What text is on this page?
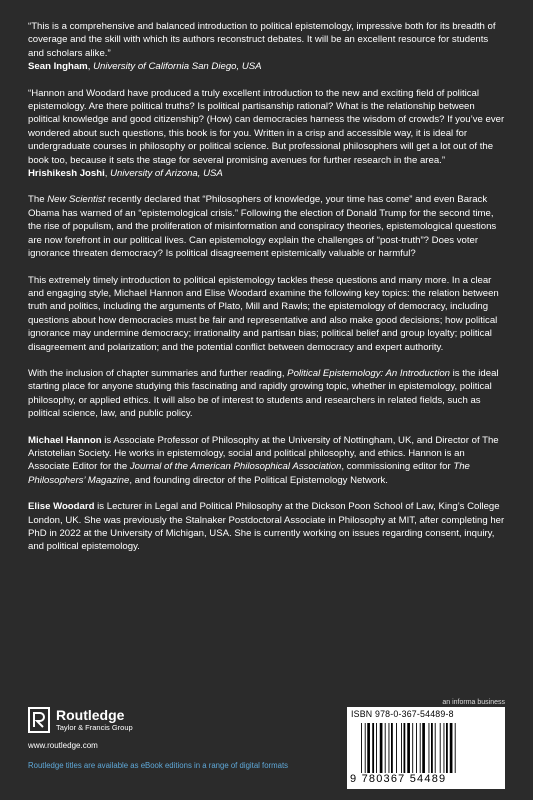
“This is a comprehensive and balanced introduction to political epistemology, impressive both for its breadth of coverage and the skill with which its authors reconstruct debates. It will be an excellent resource for students and scholars alike.”

Sean Ingham, University of California San Diego, USA

“Hannon and Woodard have produced a truly excellent introduction to the new and exciting field of political epistemology. Are there political truths? Is political partisanship rational? What is the relationship between political knowledge and good citizenship? (How) can democracies harness the wisdom of crowds? If you’ve ever wondered about such questions, this book is for you. Written in a crisp and accessible way, it is ideal for undergraduate courses in philosophy or political science. But professional philosophers will get a lot out of the book too, because it sets the stage for several promising avenues for further research in the area.”

Hrishikesh Joshi, University of Arizona, USA

The New Scientist recently declared that “Philosophers of knowledge, your time has come” and even Barack Obama has warned of an “epistemological crisis.” Following the election of Donald Trump for the second time, the rise of populism, and the proliferation of misinformation and conspiracy theories, epistemological questions are now forefront in our political lives. Can epistemology explain the challenges of “post-truth”? Does voter ignorance threaten democracy? Is political disagreement epistemically valuable or harmful?

This extremely timely introduction to political epistemology tackles these questions and many more. In a clear and engaging style, Michael Hannon and Elise Woodard examine the following key topics: the relation between truth and politics, including the arguments of Plato, Mill and Rawls; the epistemology of democracy, including questions about how democracies must be fair and representative and also make good decisions; how political ignorance may undermine democracy; irrationality and partisan bias; political belief and group loyalty; political disagreement and polarization; and the potential conflict between democracy and expert authority.

With the inclusion of chapter summaries and further reading, Political Epistemology: An Introduction is the ideal starting place for anyone studying this fascinating and rapidly growing topic, whether in epistemology, political philosophy, or applied ethics. It will also be of interest to students and researchers in related fields, such as political science, law, and public policy.

Michael Hannon is Associate Professor of Philosophy at the University of Nottingham, UK, and Director of The Aristotelian Society. He works in epistemology, social and political philosophy, and ethics. Hannon is an Associate Editor for the Journal of the American Philosophical Association, commissioning editor for The Philosophers’ Magazine, and founding director of the Political Epistemology Network.

Elise Woodard is Lecturer in Legal and Political Philosophy at the Dickson Poon School of Law, King’s College London, UK. She was previously the Stalnaker Postdoctoral Associate in Philosophy at MIT, after completing her PhD in 2022 at the University of Michigan, USA. She is currently working on issues regarding consent, inquiry, and political epistemology.

Routledge
Taylor & Francis Group
www.routledge.com
Routledge titles are available as eBook editions in a range of digital formats
an informa business
ISBN 978-0-367-54489-8
9 780367 54489
